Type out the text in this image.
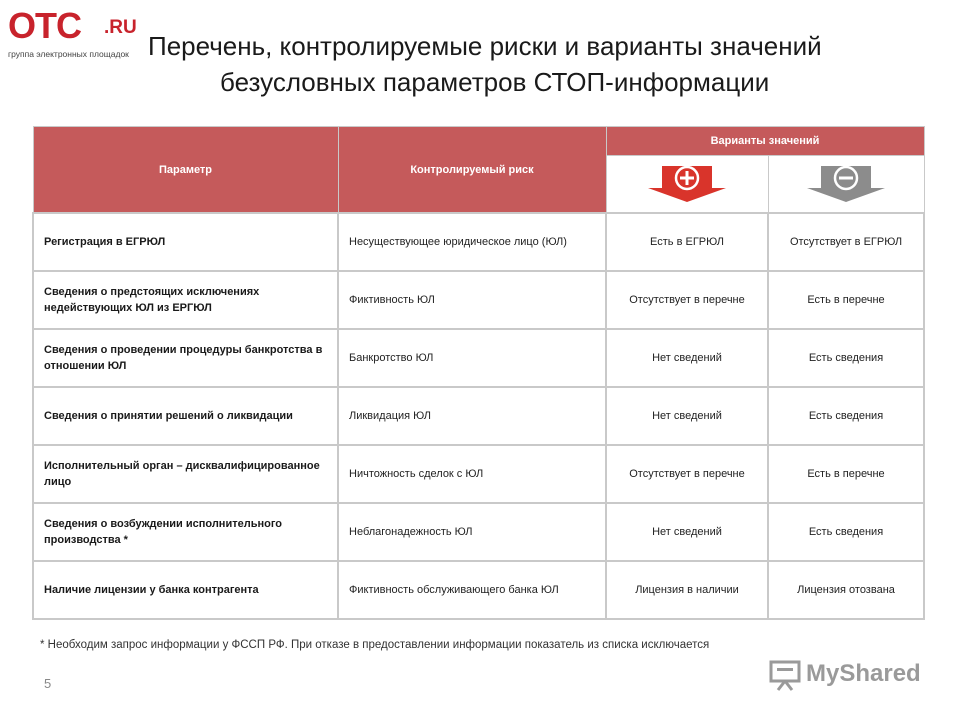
OTC .RU
группа электронных площадок Перечень, контролируемые риски и варианты значений
безусловных параметров СТОП-информации
Параметр	Контролируемый риск	Варианты значений	

Регистрация в ЕГРЮЛ	Несуществующее юридическое лицо (ЮЛ)	Есть в ЕГРЮЛ	Отсутствует в ЕГРЮЛ
Сведения о предстоящих исключениях недействующих ЮЛ из ЕРГЮЛ	Фиктивность ЮЛ	Отсутствует в перечне	Есть в перечне
Сведения о проведении процедуры банкротства в отношении ЮЛ	Банкротство ЮЛ	Нет сведений	Есть сведения
Сведения о принятии решений о ликвидации	Ликвидация ЮЛ	Нет сведений	Есть сведения
Исполнительный орган – дисквалифицированное лицо	Ничтожность сделок с ЮЛ	Отсутствует в перечне	Есть в перечне
Сведения о возбуждении исполнительного производства *	Неблагонадежность ЮЛ	Нет сведений	Есть сведения
Наличие лицензии у банка контрагента	Фиктивность обслуживающего банка ЮЛ	Лицензия в наличии	Лицензия отозвана
* Необходим запрос информации у ФССП РФ. При отказе в предоставлении информации показатель из списка исключается
5	MyShared
